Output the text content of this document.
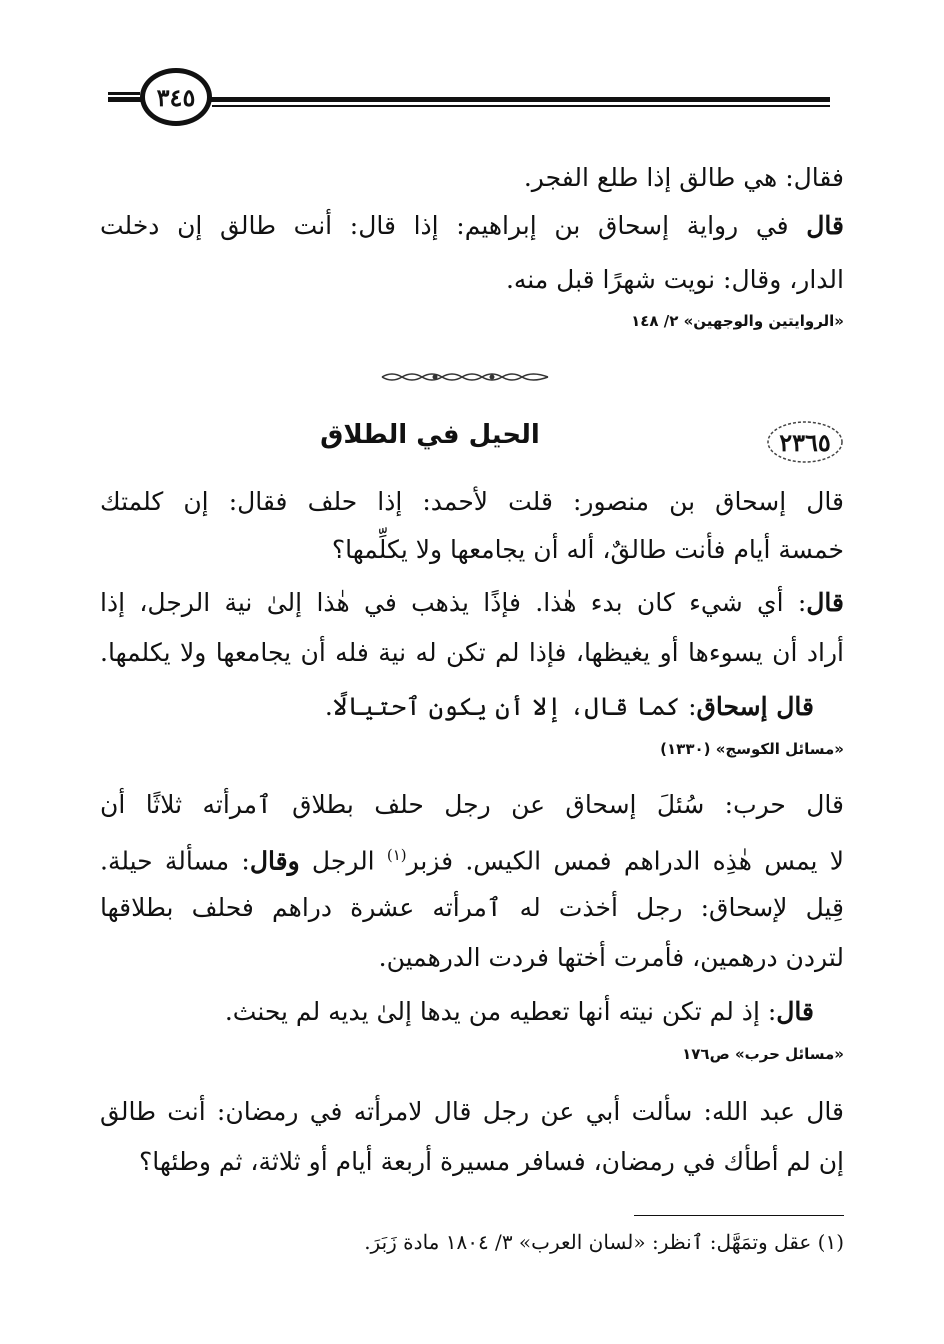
٣٤٥
فقال: هي طالق إذا طلع الفجر.
قال في رواية إسحاق بن إبراهيم: إذا قال: أنت طالق إن دخلت
الدار، وقال: نويت شهرًا قبل منه.
«الروايتين والوجهين» ٢/ ١٤٨
٢٣٦٥
الحيل في الطلاق
قال إسحاق بن منصور: قلت لأحمد: إذا حلف فقال: إن كلمتك
خمسة أيام فأنت طالقٌ، أله أن يجامعها ولا يكلِّمها؟
قال: أي شيء كان بدء هٰذا. فإذًا يذهب في هٰذا إلىٰ نية الرجل، إذا
أراد أن يسوءها أو يغيظها، فإذا لم تكن له نية فله أن يجامعها ولا يكلمها.
قال إسحاق: كما قال، إلا أن يكون ٱحتيالًا.
«مسائل الكوسج» (١٣٣٠)
قال حرب: سُئلَ إسحاق عن رجل حلف بطلاق ٱمرأته ثلاثًا أن
لا يمس هٰذِه الدراهم فمس الكيس. فزبر$^{(١)}$ الرجل وقال: مسألة حيلة.
قِيل لإسحاق: رجل أخذت له ٱمرأته عشرة دراهم فحلف بطلاقها
لتردن درهمين، فأمرت أختها فردت الدرهمين.
قال: إذ لم تكن نيته أنها تعطيه من يدها إلىٰ يديه لم يحنث.
«مسائل حرب» ص١٧٦
قال عبد الله: سألت أبي عن رجل قال لامرأته في رمضان: أنت طالق
إن لم أطأك في رمضان، فسافر مسيرة أربعة أيام أو ثلاثة، ثم وطئها؟
(١) عقل وتمَهَّل: ٱنظر: «لسان العرب» ٣/ ١٨٠٤ مادة زَبَرَ.
